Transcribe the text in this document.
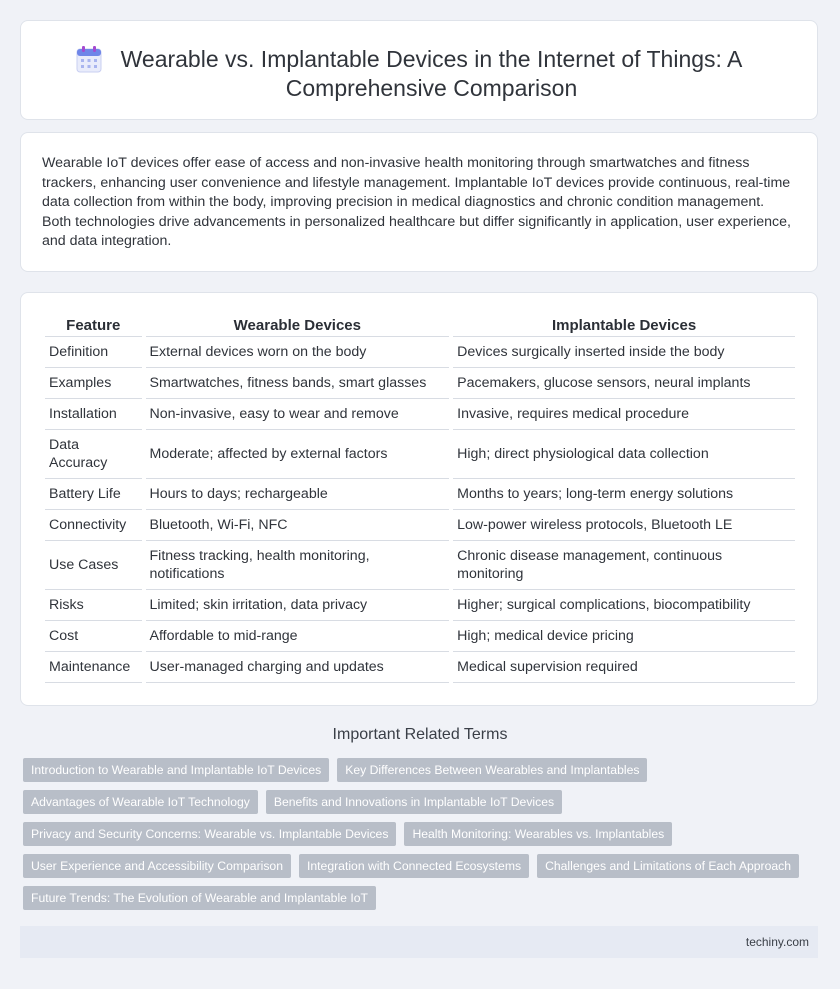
Wearable vs. Implantable Devices in the Internet of Things: A Comprehensive Comparison

Wearable IoT devices offer ease of access and non-invasive health monitoring through smartwatches and fitness trackers, enhancing user convenience and lifestyle management. Implantable IoT devices provide continuous, real-time data collection from within the body, improving precision in medical diagnostics and chronic condition management. Both technologies drive advancements in personalized healthcare but differ significantly in application, user experience, and data integration.

Feature	Wearable Devices	Implantable Devices
Definition	External devices worn on the body	Devices surgically inserted inside the body
Examples	Smartwatches, fitness bands, smart glasses	Pacemakers, glucose sensors, neural implants
Installation	Non-invasive, easy to wear and remove	Invasive, requires medical procedure
Data Accuracy	Moderate; affected by external factors	High; direct physiological data collection
Battery Life	Hours to days; rechargeable	Months to years; long-term energy solutions
Connectivity	Bluetooth, Wi-Fi, NFC	Low-power wireless protocols, Bluetooth LE
Use Cases	Fitness tracking, health monitoring, notifications	Chronic disease management, continuous monitoring
Risks	Limited; skin irritation, data privacy	Higher; surgical complications, biocompatibility
Cost	Affordable to mid-range	High; medical device pricing
Maintenance	User-managed charging and updates	Medical supervision required
Important Related Terms
Introduction to Wearable and Implantable IoT Devices	Key Differences Between Wearables and Implantables
Advantages of Wearable IoT Technology	Benefits and Innovations in Implantable IoT Devices
Privacy and Security Concerns: Wearable vs. Implantable Devices	Health Monitoring: Wearables vs. Implantables
User Experience and Accessibility Comparison	Integration with Connected Ecosystems	Challenges and Limitations of Each Approach
Future Trends: The Evolution of Wearable and Implantable IoT
techiny.com
